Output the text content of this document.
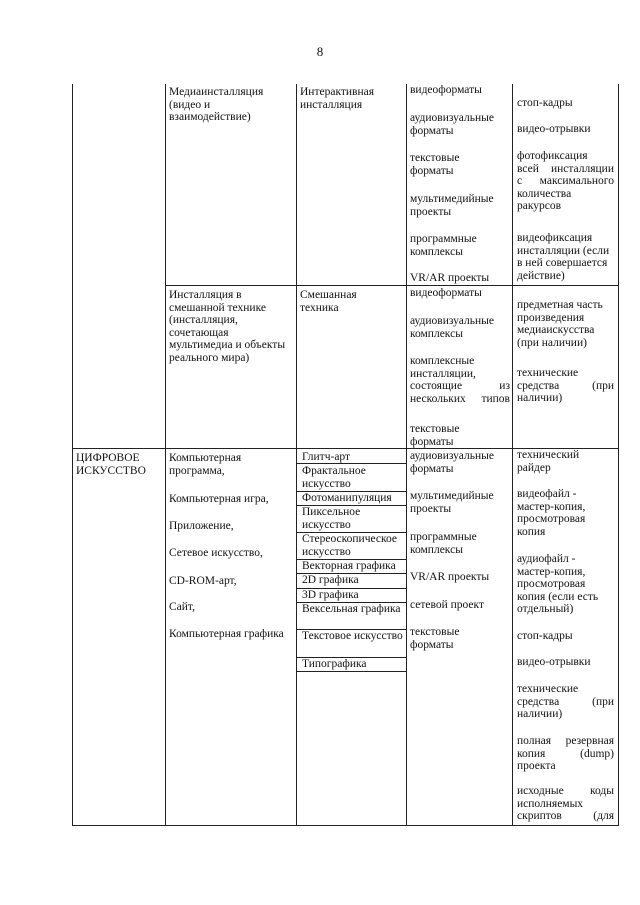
8
Медиаинсталляция
(видео и
взаимодействие)
Интерактивная
инсталляция
видеоформаты
аудиовизуальные
форматы
текстовые
форматы
мультимедийные
проекты
программные
комплексы
VR/AR проекты
стоп-кадры
видео-отрывки
фотофиксация
всей инсталляции
с максимального
количества
ракурсов
видеофиксация
инсталляции (если
в ней совершается
действие)
Инсталляция в
смешанной технике
(инсталляция,
сочетающая
мультимедиа и объекты
реального мира)
Смешанная
техника
видеоформаты
аудиовизуальные
комплексы
комплексные
инсталляции,
состоящие из
нескольких типов
текстовые
форматы
предметная часть
произведения
медиаискусства
(при наличии)
технические
средства (при
наличии)
ЦИФРОВОЕ
ИСКУССТВО
Компьютерная
программа,
Компьютерная игра,
Приложение,
Сетевое искусство,
CD-ROM-арт,
Сайт,
Компьютерная графика
Глитч-арт
Фрактальное искусство
Фотоманипуляция
Пиксельное искусство
Стереоскопическое искусство
Векторная графика
2D графика
3D графика
Вексельная графика
Текстовое искусство
Типографика
аудиовизуальные
форматы
мультимедийные
проекты
программные
комплексы
VR/AR проекты
сетевой проект
текстовые
форматы
технический
райдер
видеофайл -
мастер-копия,
просмотровая
копия
аудиофайл -
мастер-копия,
просмотровая
копия (если есть
отдельный)
стоп-кадры
видео-отрывки
технические
средства (при
наличии)
полная резервная
копия (dump)
проекта
исходные коды
исполняемых
скриптов (для
